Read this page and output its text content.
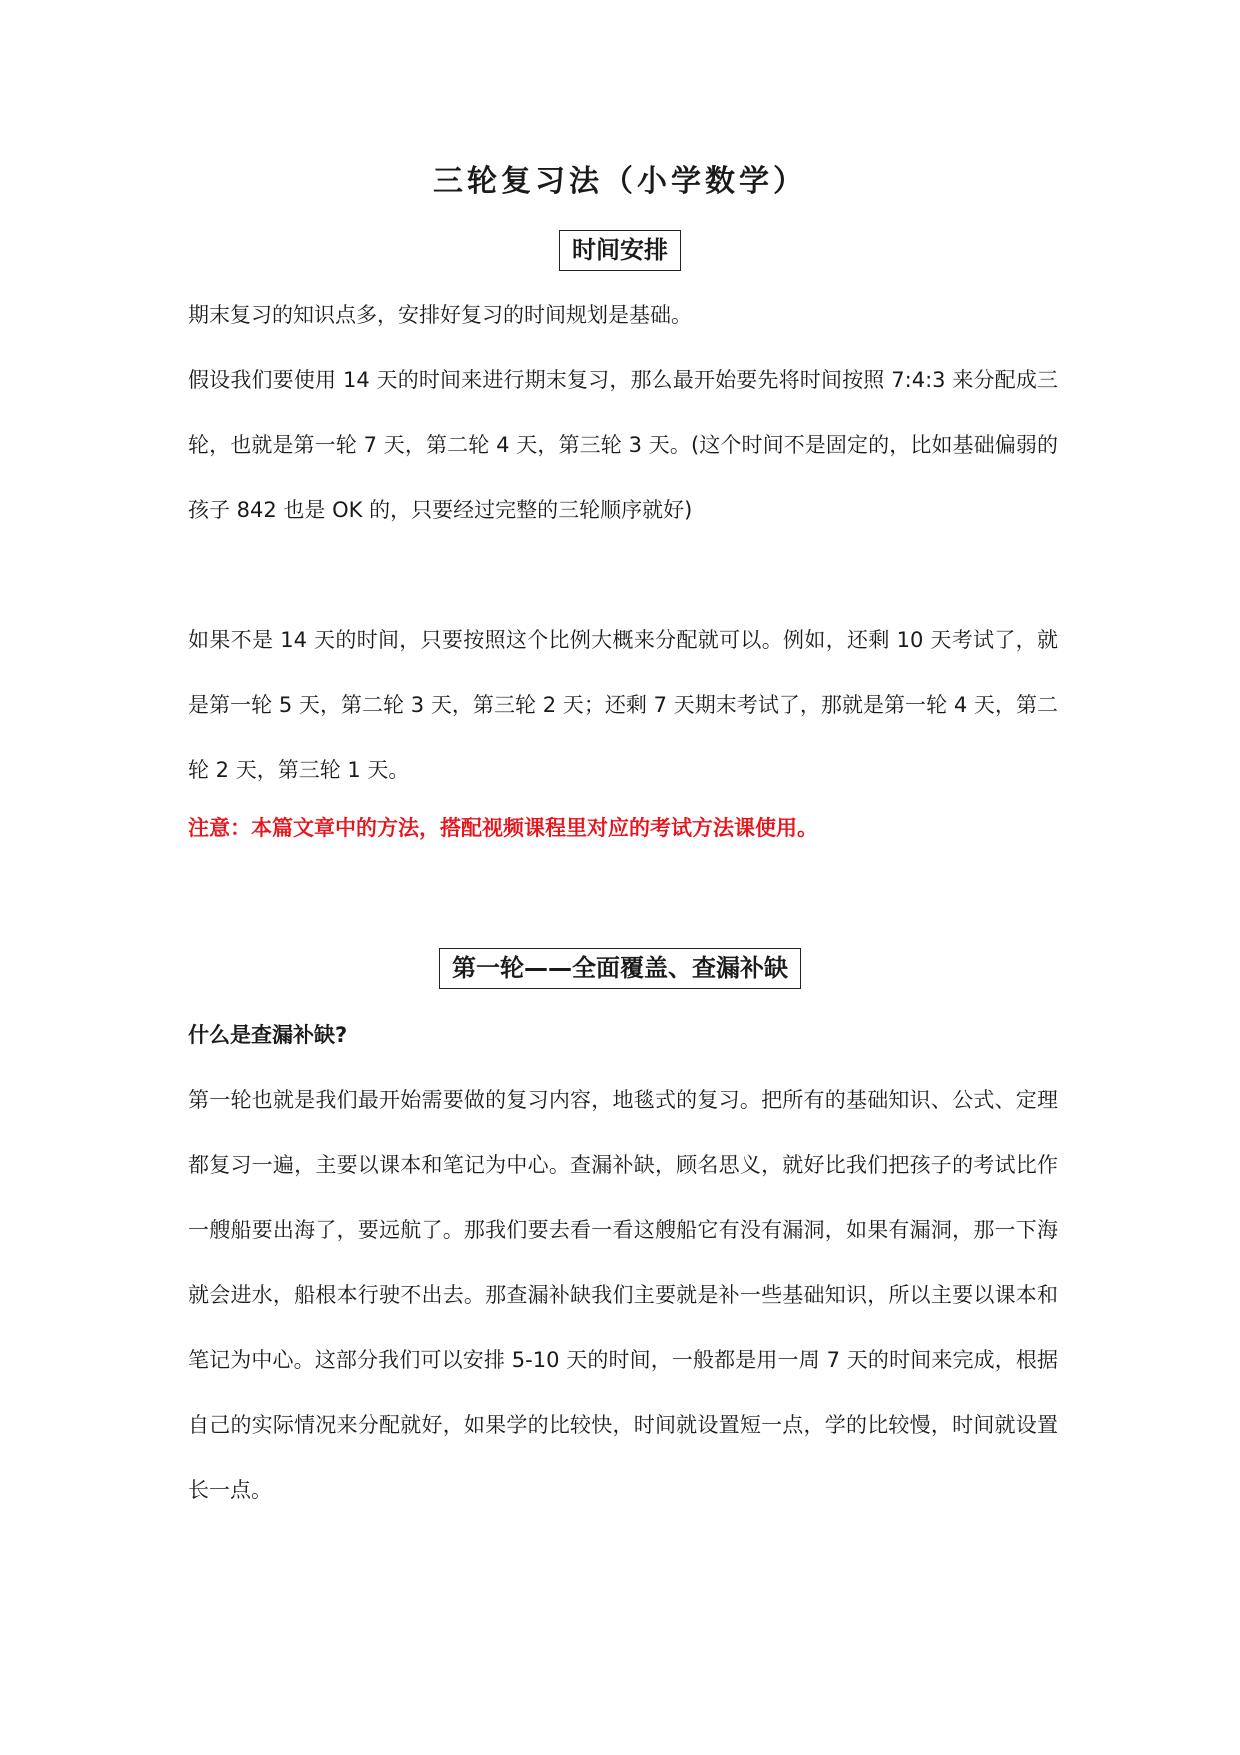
三轮复习法（小学数学）
时间安排

期末复习的知识点多，安排好复习的时间规划是基础。

假设我们要使用 14 天的时间来进行期末复习，那么最开始要先将时间按照 7:4:3 来分配成三轮，也就是第一轮 7 天，第二轮 4 天，第三轮 3 天。(这个时间不是固定的，比如基础偏弱的孩子 842 也是 OK 的，只要经过完整的三轮顺序就好)

如果不是 14 天的时间，只要按照这个比例大概来分配就可以。例如，还剩 10 天考试了，就是第一轮 5 天，第二轮 3 天，第三轮 2 天；还剩 7 天期末考试了，那就是第一轮 4 天，第二轮 2 天，第三轮 1 天。

注意：本篇文章中的方法，搭配视频课程里对应的考试方法课使用。

第一轮——全面覆盖、查漏补缺

什么是查漏补缺?

第一轮也就是我们最开始需要做的复习内容，地毯式的复习。把所有的基础知识、公式、定理都复习一遍，主要以课本和笔记为中心。查漏补缺，顾名思义，就好比我们把孩子的考试比作一艘船要出海了，要远航了。那我们要去看一看这艘船它有没有漏洞，如果有漏洞，那一下海就会进水，船根本行驶不出去。那查漏补缺我们主要就是补一些基础知识，所以主要以课本和笔记为中心。这部分我们可以安排 5-10 天的时间，一般都是用一周 7 天的时间来完成，根据自己的实际情况来分配就好，如果学的比较快，时间就设置短一点，学的比较慢，时间就设置长一点。
